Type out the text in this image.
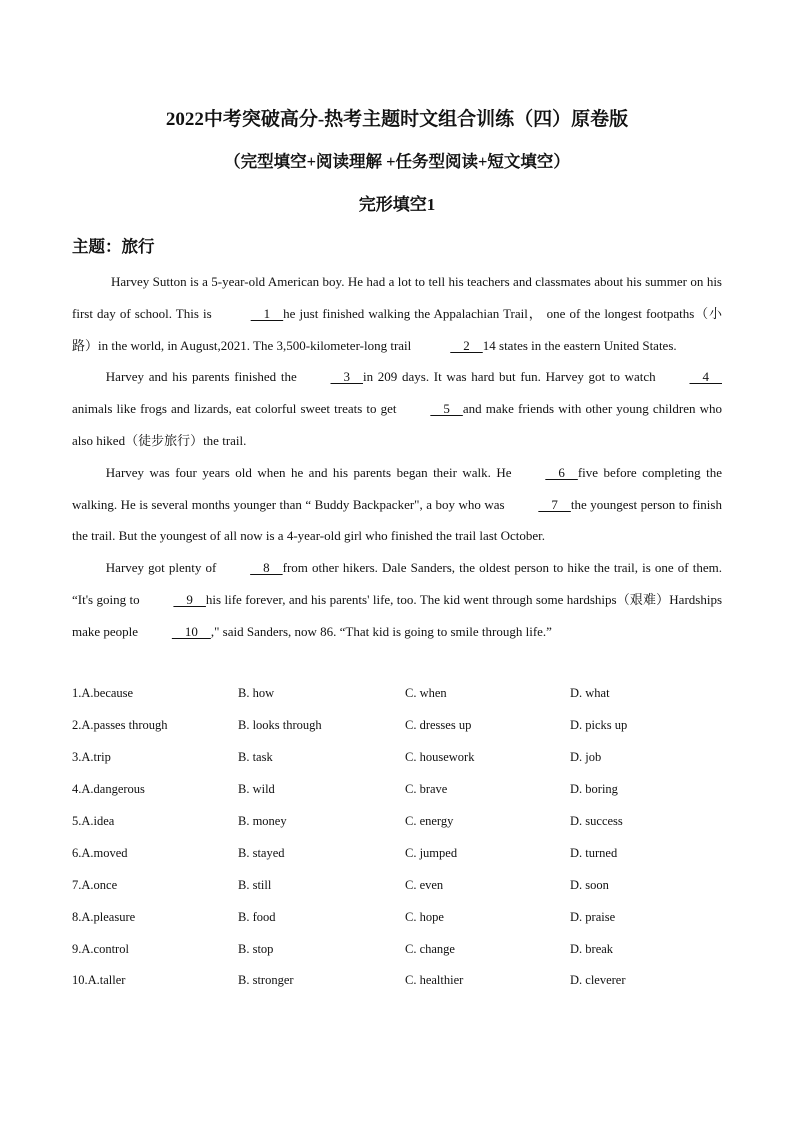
2022中考突破高分-热考主题时文组合训练（四）原卷版
（完型填空+阅读理解 +任务型阅读+短文填空）
完形填空1

主题：旅行

Harvey Sutton is a 5-year-old American boy. He had a lot to tell his teachers and classmates about his summer on his first day of school. This is	1    he just finished walking the Appalachian Trail， one of the longest footpaths（小路）in the world, in August,2021. The 3,500-kilometer-long trail	2    14 states in the eastern United States.

Harvey and his parents finished the	3    in 209 days. It was hard but fun. Harvey got to watch	4    animals like frogs and lizards, eat colorful sweet treats to get	5    and make friends with other young children who also hiked（徒步旅行）the trail.

Harvey was four years old when he and his parents began their walk. He	6    five before completing the walking. He is several months younger than “ Buddy Backpacker", a boy who was	7    the youngest person to finish the trail. But the youngest of all now is a 4-year-old girl who finished the trail last October.

Harvey got plenty of	8    from other hikers. Dale Sanders, the oldest person to hike the trail, is one of them. “It's going to	9    his life forever, and his parents' life, too. The kid went through some hardships（艰难）Hardships make people	10    ," said Sanders, now 86. “That kid is going to smile through life.”

1.A.because	B. how	C. when	D. what
2.A.passes through	B. looks through	C. dresses up	D. picks up
3.A.trip	B. task	C. housework	D. job
4.A.dangerous	B. wild	C. brave	D. boring
5.A.idea	B. money	C. energy	D. success
6.A.moved	B. stayed	C. jumped	D. turned
7.A.once	B. still	C. even	D. soon
8.A.pleasure	B. food	C. hope	D. praise
9.A.control	B. stop	C. change	D. break
10.A.taller	B. stronger	C. healthier	D. cleverer
